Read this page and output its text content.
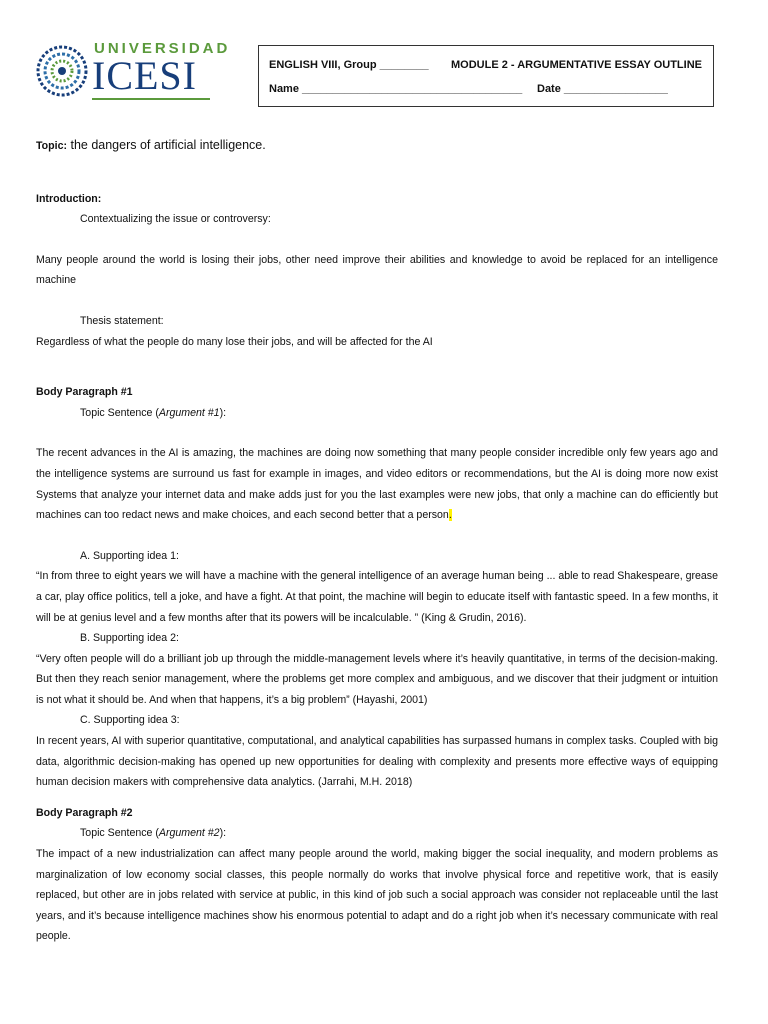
UNIVERSIDAD
ICESI	ENGLISH VIII, Group ________ MODULE 2 - ARGUMENTATIVE ESSAY OUTLINE
Name ____________________________________ Date _________________

Topic: the dangers of artificial intelligence.

Introduction:

Contextualizing the issue or controversy:

Many people around the world is losing their jobs, other need improve their abilities and knowledge to avoid be replaced for an intelligence machine

Thesis statement:

Regardless of what the people do many lose their jobs, and will be affected for the AI

Body Paragraph #1

Topic Sentence (Argument #1):

The recent advances in the AI is amazing, the machines are doing now something that many people consider incredible only few years ago and the intelligence systems are surround us fast for example in images, and video editors or recommendations, but the AI is doing more now exist Systems that analyze your internet data and make adds just for you the last examples were new jobs, that only a machine can do efficiently but machines can too redact news and make choices, and each second better that a person.

A. Supporting idea 1:

“In from three to eight years we will have a machine with the general intelligence of an average human being ... able to read Shakespeare, grease a car, play office politics, tell a joke, and have a fight. At that point, the machine will begin to educate itself with fantastic speed. In a few months, it will be at genius level and a few months after that its powers will be incalculable. ” (King & Grudin, 2016).

B. Supporting idea 2:

“Very often people will do a brilliant job up through the middle-management levels where it’s heavily quantitative, in terms of the decision-making. But then they reach senior management, where the problems get more complex and ambiguous, and we discover that their judgment or intuition is not what it should be. And when that happens, it’s a big problem” (Hayashi, 2001)

C. Supporting idea 3:

In recent years, AI with superior quantitative, computational, and analytical capabilities has surpassed humans in complex tasks. Coupled with big data, algorithmic decision-making has opened up new opportunities for dealing with complexity and presents more effective ways of equipping human decision makers with comprehensive data analytics. (Jarrahi, M.H. 2018)

Body Paragraph #2

Topic Sentence (Argument #2):

The impact of a new industrialization can affect many people around the world, making bigger the social inequality, and modern problems as marginalization of low economy social classes, this people normally do works that involve physical force and repetitive work, that is easily replaced, but other are in jobs related with service at public, in this kind of job such a social approach was consider not replaceable until the last years, and it’s because intelligence machines show his enormous potential to adapt and do a right job when it’s necessary communicate with real people.
